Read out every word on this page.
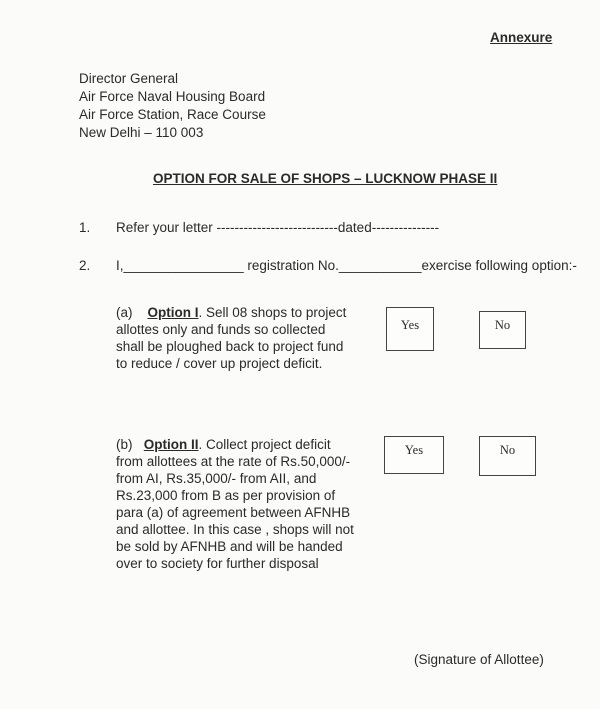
Annexure
Director General
Air Force Naval Housing Board
Air Force Station, Race Course
New Delhi – 110 003
OPTION FOR SALE OF SHOPS – LUCKNOW PHASE II
1. Refer your letter ---------------------------dated---------------
2. I,________________ registration No.___________exercise following option:-

(a) Option I. Sell 08 shops to project allottes only and funds so collected shall be ploughed back to project fund to reduce / cover up project deficit.

Yes	No

(b) Option II. Collect project deficit from allottees at the rate of Rs.50,000/- from AI, Rs.35,000/- from AII, and Rs.23,000 from B as per provision of para (a) of agreement between AFNHB and allottee. In this case , shops will not be sold by AFNHB and will be handed over to society for further disposal

Yes	No
(Signature of Allottee)
